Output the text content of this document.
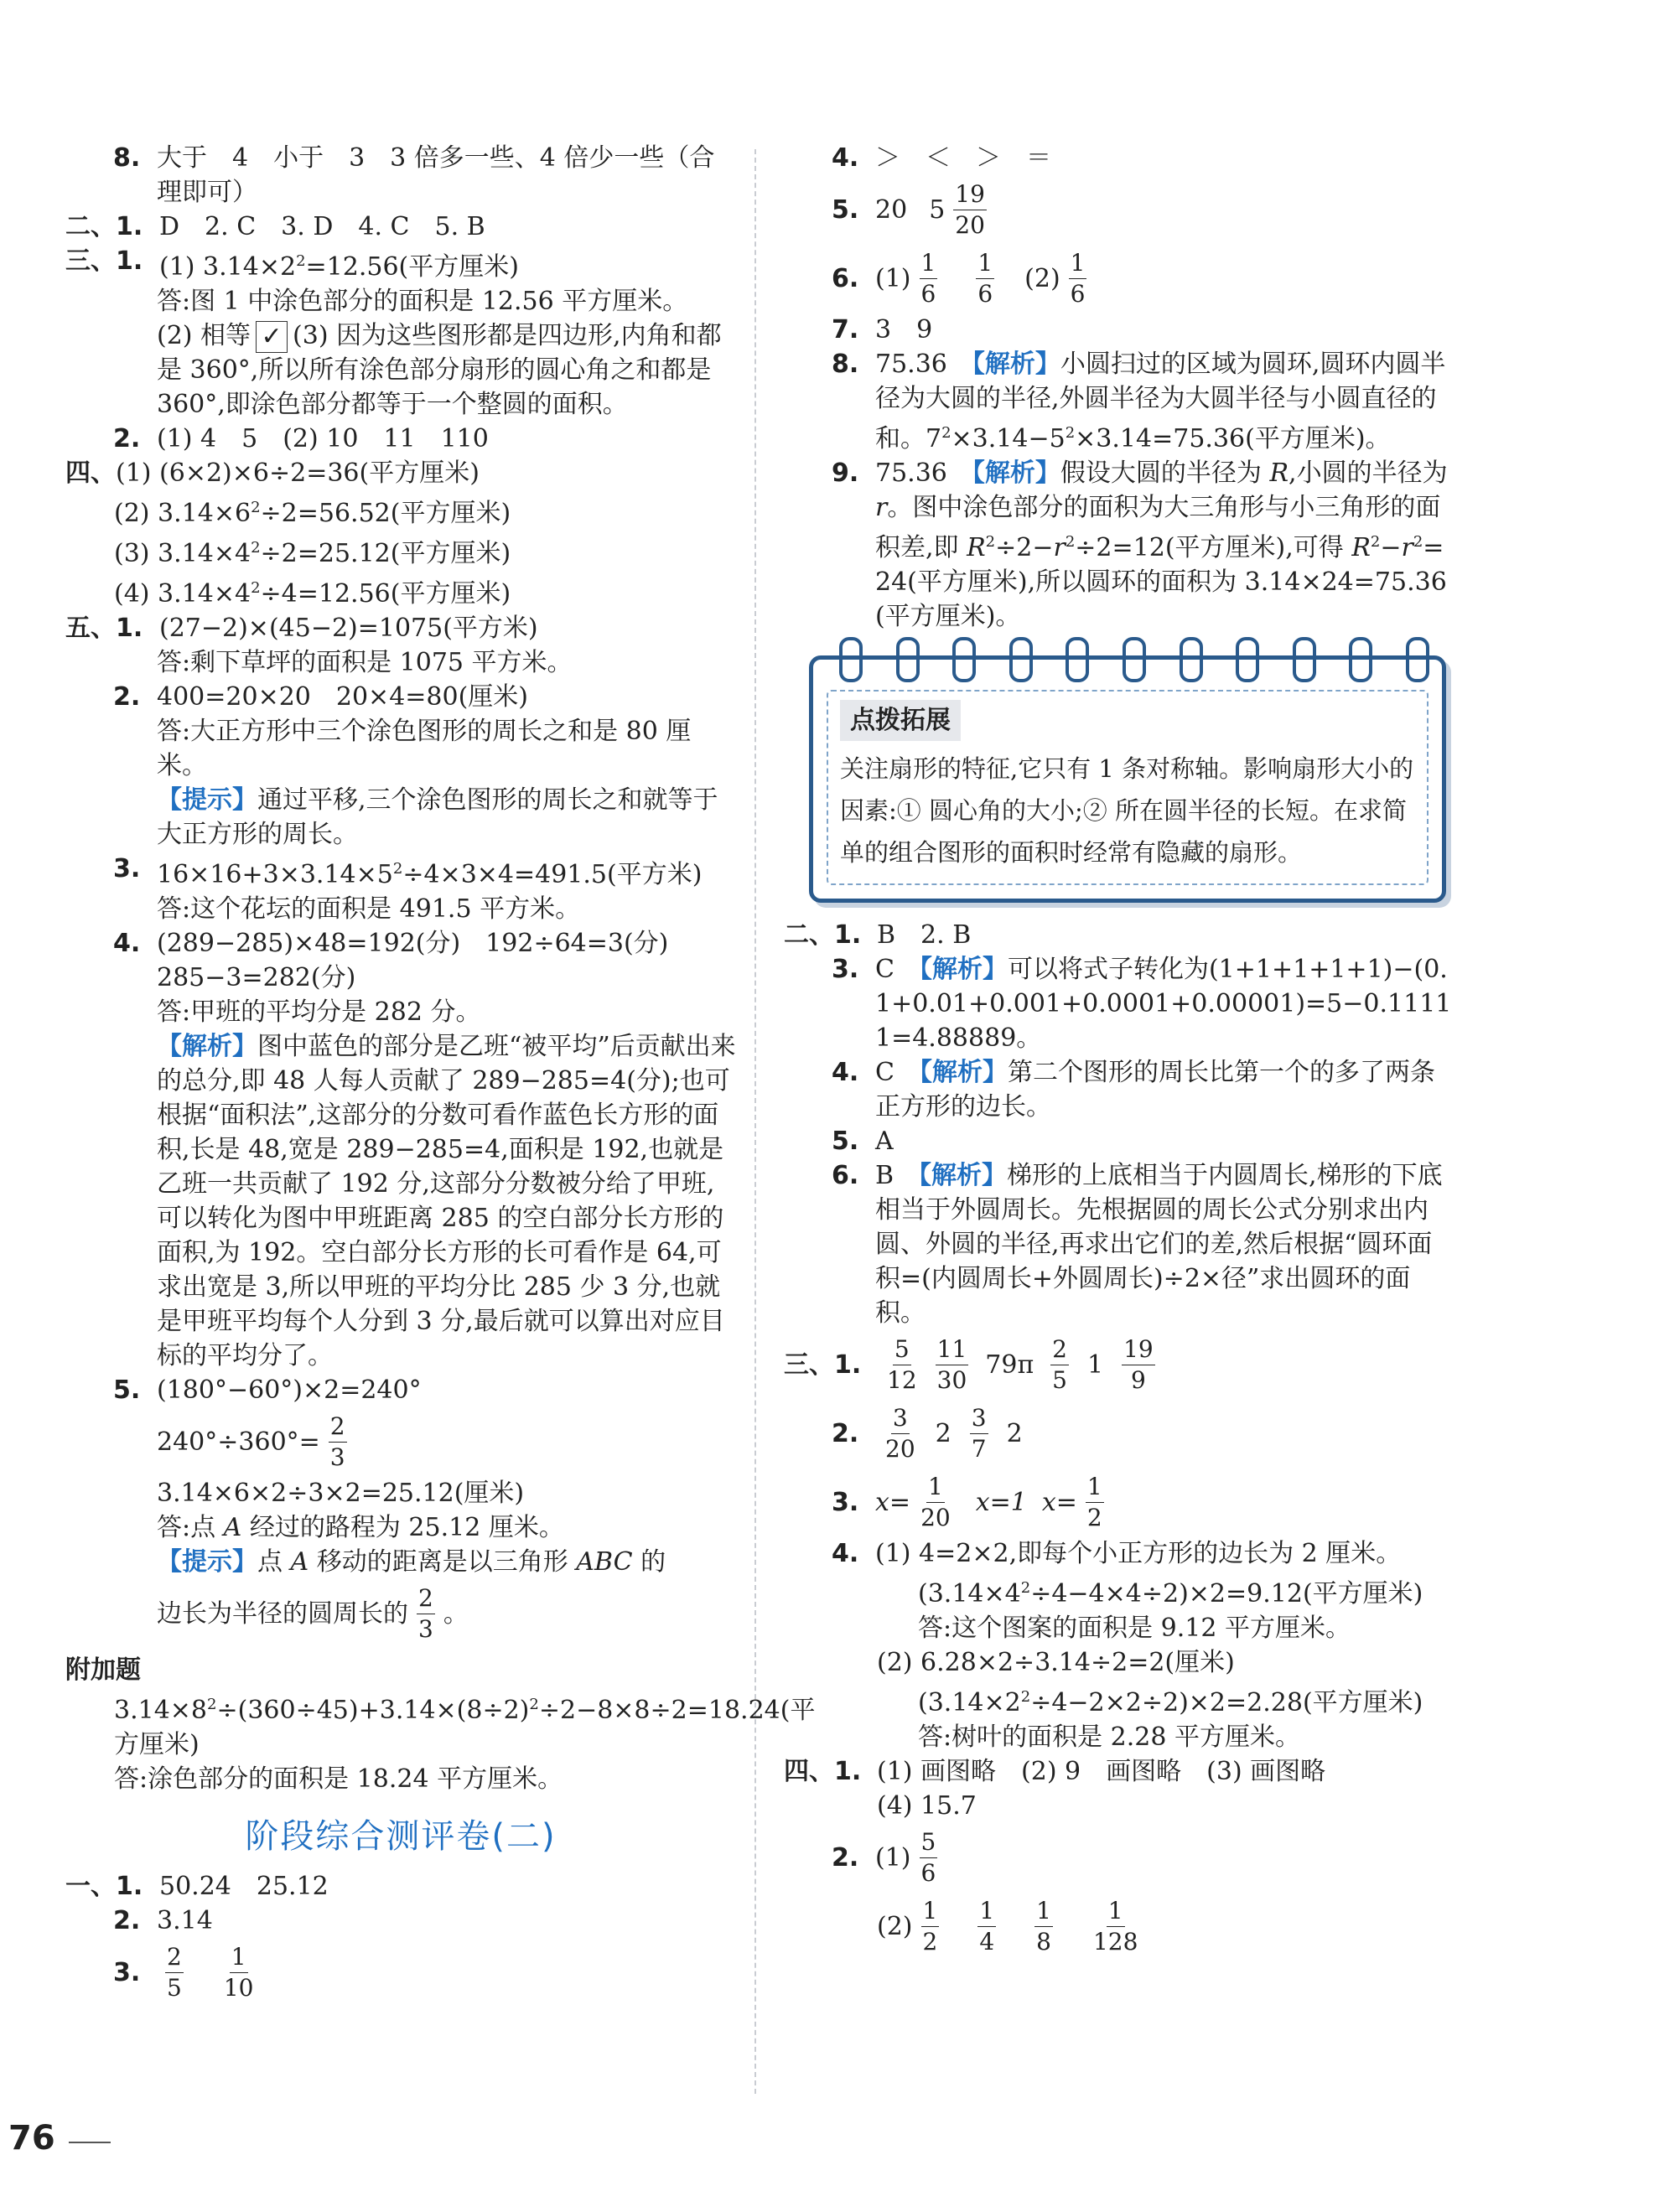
8. 大于　4　小于　3　3 倍多一些、4 倍少一些（合理即可）
二、1. D　2. C　3. D　4. C　5. B
三、1. (1) $3.14\times 2^2=12.56$(平方厘米)
答:图 1 中涂色部分的面积是 12.56 平方厘米。
(2) 相等 ✓ (3) 因为这些图形都是四边形,内角和都是 360°,所以所有涂色部分扇形的圆心角之和都是 360°,即涂色部分都等于一个整圆的面积。
2. (1) 4　5　(2) 10　11　110
四、 (1) (6×2)×6÷2=36(平方厘米)
(2) $3.14\times 6^2\div 2=56.52$(平方厘米)
(3) $3.14\times 4^2\div 2=25.12$(平方厘米)
(4) $3.14\times 4^2\div 4=12.56$(平方厘米)
五、1. (27−2)×(45−2)=1075(平方米)
答:剩下草坪的面积是 1075 平方米。
2. 400=20×20　20×4=80(厘米)
答:大正方形中三个涂色图形的周长之和是 80 厘米。
【提示】通过平移,三个涂色图形的周长之和就等于大正方形的周长。
3. $16\times 16+3\times 3.14\times 5^2\div 4\times 3\times 4=491.5$(平方米)
答:这个花坛的面积是 491.5 平方米。
4. (289−285)×48=192(分)　192÷64=3(分)
285−3=282(分)
答:甲班的平均分是 282 分。
【解析】图中蓝色的部分是乙班“被平均”后贡献出来的总分,即 48 人每人贡献了 289−285=4(分);也可根据“面积法”,这部分的分数可看作蓝色长方形的面积,长是 48,宽是 289−285=4,面积是 192,也就是乙班一共贡献了 192 分,这部分分数被分给了甲班,可以转化为图中甲班距离 285 的空白部分长方形的面积,为 192。空白部分长方形的长可看作是 64,可求出宽是 3,所以甲班的平均分比 285 少 3 分,也就是甲班平均每个人分到 3 分,最后就可以算出对应目标的平均分了。
5. (180°−60°)×2=240°
$240^\circ\div 360^\circ= \frac{2}{3}$
3.14×6×2÷3×2=25.12(厘米)
答:点 A 经过的路程为 25.12 厘米。
【提示】点 A 移动的距离是以三角形 ABC 的
边长为半径的圆周长的 $\frac{2}{3}$ 。
附加题
$3.14\times 8^2\div(360\div 45)+3.14\times(8\div 2)^2\div 2-8\times 8\div 2=18.24$(平方厘米)
答:涂色部分的面积是 18.24 平方厘米。
阶段综合测评卷(二)
一、1. 50.24　25.12
2. 3.14
3.	$\frac{2}{5} \frac{1}{10}$
4. ＞　＜　＞　＝
5. 20 $5 \frac{19}{20}$
6. $(1) \frac{1}{6} \frac{1}{6} (2) \frac{1}{6}$
7. 3　9
8. 75.36　 【解析】小圆扫过的区域为圆环,圆环内圆半径为大圆的半径,外圆半径为大圆半径与小圆直径的和。$7^2\times 3.14-5^2\times 3.14=75.36$(平方厘米)。
9. 75.36　 【解析】假设大圆的半径为 R,小圆的半径为 r。图中涂色部分的面积为大三角形与小三角形的面积差,即 $R^2\div 2-r^2\div 2=12$(平方厘米),可得 $R^2-r^2=24$(平方厘米),所以圆环的面积为 3.14×24=75.36(平方厘米)。
点拨拓展
关注扇形的特征,它只有 1 条对称轴。影响扇形大小的因素:① 圆心角的大小;② 所在圆半径的长短。在求简单的组合图形的面积时经常有隐藏的扇形。
二、1. B　2. B
3. C　 【解析】可以将式子转化为(1+1+1+1+1)−(0.1+0.01+0.001+0.0001+0.00001)=5−0.11111=4.88889。
4. C　 【解析】第二个图形的周长比第一个的多了两条正方形的边长。
5. A
6. B　 【解析】梯形的上底相当于内圆周长,梯形的下底相当于外圆周长。先根据圆的周长公式分别求出内圆、外圆的半径,再求出它们的差,然后根据“圆环面积=(内圆周长+外圆周长)÷2×径”求出圆环的面积。
三、1.	$\frac{5}{12} \frac{11}{30} 79\pi \frac{2}{5} 1 \frac{19}{9}$
2.	$\frac{3}{20} 2 \frac{3}{7} 2$
3. $x= \frac{1}{20} x=1$ $x= \frac{1}{2}$
4. (1) 4=2×2,即每个小正方形的边长为 2 厘米。
$(3.14\times 4^2\div 4-4\times 4\div 2)\times 2=9.12$(平方厘米)
答:这个图案的面积是 9.12 平方厘米。
(2) 6.28×2÷3.14÷2=2(厘米)
$(3.14\times 2^2\div 4-2\times 2\div 2)\times 2=2.28$(平方厘米)
答:树叶的面积是 2.28 平方厘米。
四、1. (1) 画图略　(2) 9　画图略　(3) 画图略
(4) 15.7
2. $(1) \frac{5}{6}$
$(2) \frac{1}{2} \frac{1}{4} \frac{1}{8} \frac{1}{128}$
76
